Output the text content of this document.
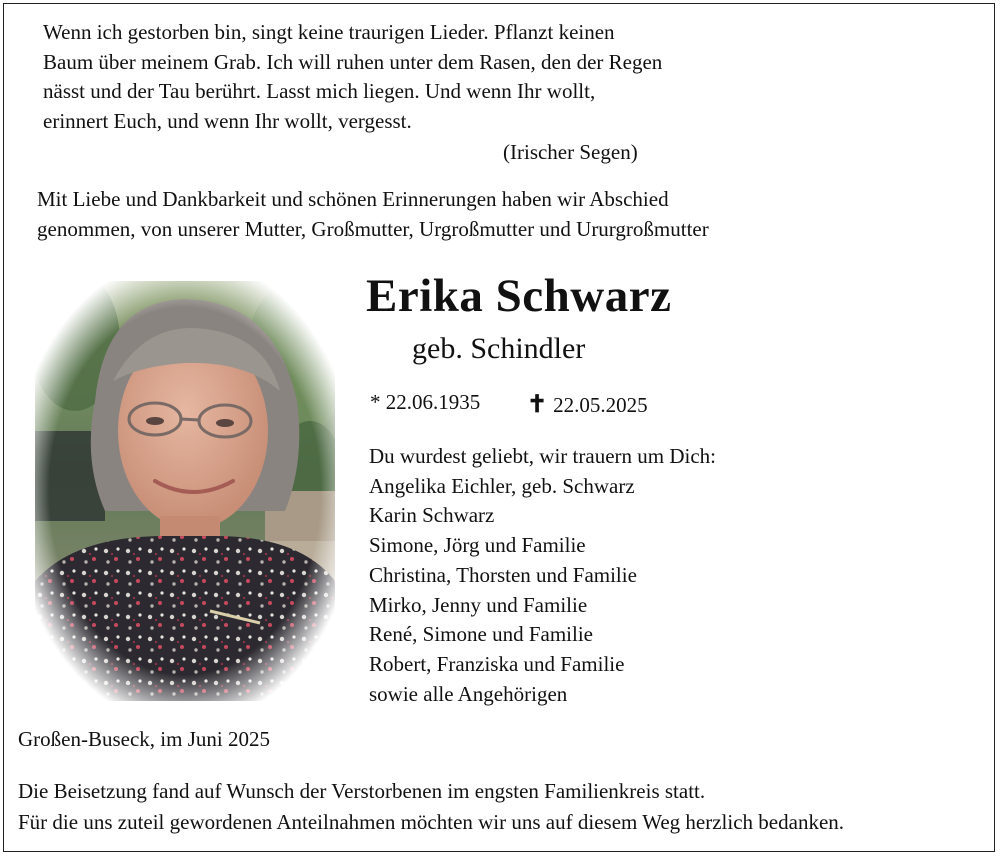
Wenn ich gestorben bin, singt keine traurigen Lieder. Pflanzt keinen
Baum über meinem Grab. Ich will ruhen unter dem Rasen, den der Regen
nässt und der Tau berührt. Lasst mich liegen. Und wenn Ihr wollt,
erinnert Euch, und wenn Ihr wollt, vergesst.
(Irischer Segen)
Mit Liebe und Dankbarkeit und schönen Erinnerungen haben wir Abschied
genommen, von unserer Mutter, Großmutter, Urgroßmutter und Ururgroßmutter
Erika Schwarz
geb. Schindler
* 22.06.1935 ✝ 22.05.2025
Du wurdest geliebt, wir trauern um Dich:
Angelika Eichler, geb. Schwarz
Karin Schwarz
Simone, Jörg und Familie
Christina, Thorsten und Familie
Mirko, Jenny und Familie
René, Simone und Familie
Robert, Franziska und Familie
sowie alle Angehörigen
Großen-Buseck, im Juni 2025
Die Beisetzung fand auf Wunsch der Verstorbenen im engsten Familienkreis statt.
Für die uns zuteil gewordenen Anteilnahmen möchten wir uns auf diesem Weg herzlich bedanken.
